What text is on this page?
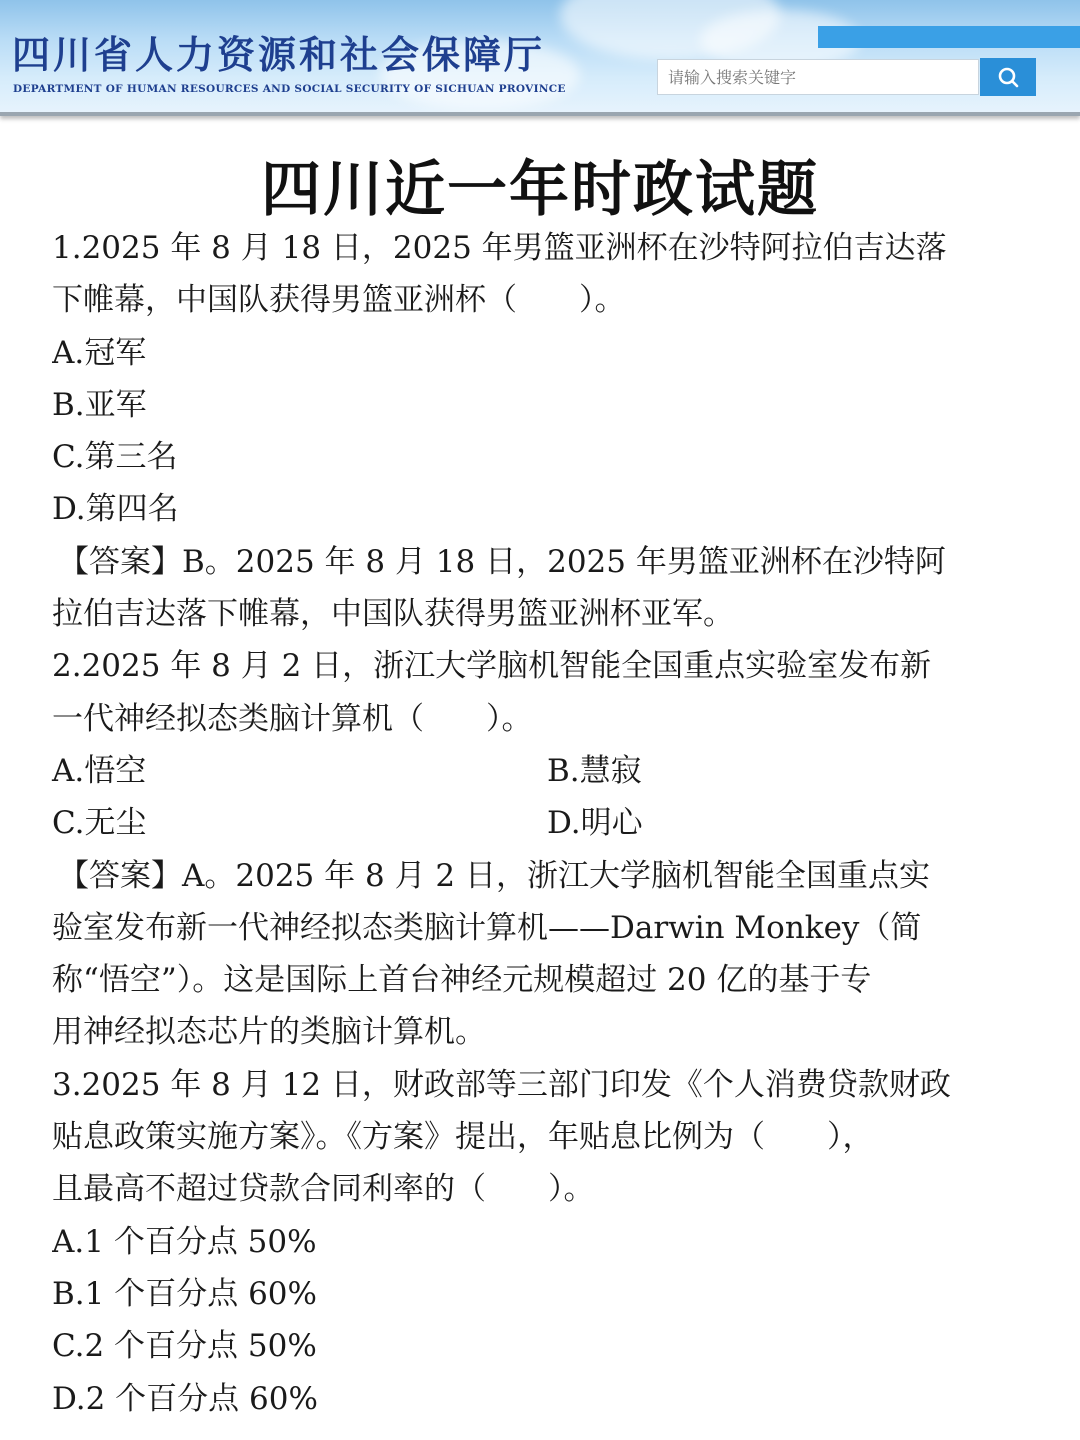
四川省人力资源和社会保障厅
DEPARTMENT OF HUMAN RESOURCES AND SOCIAL SECURITY OF SICHUAN PROVINCE
请输入搜索关键字
四川近一年时政试题
1.2025 年 8 月 18 日，2025 年男篮亚洲杯在沙特阿拉伯吉达落
下帷幕，中国队获得男篮亚洲杯（　　）。
A.冠军
B.亚军
C.第三名
D.第四名
【答案】B。2025 年 8 月 18 日，2025 年男篮亚洲杯在沙特阿
拉伯吉达落下帷幕，中国队获得男篮亚洲杯亚军。
2.2025 年 8 月 2 日，浙江大学脑机智能全国重点实验室发布新
一代神经拟态类脑计算机（　　）。
A.悟空	B.慧寂
C.无尘	D.明心
【答案】A。2025 年 8 月 2 日，浙江大学脑机智能全国重点实
验室发布新一代神经拟态类脑计算机——Darwin Monkey（简
称“悟空”）。这是国际上首台神经元规模超过 20 亿的基于专
用神经拟态芯片的类脑计算机。
3.2025 年 8 月 12 日，财政部等三部门印发《个人消费贷款财政
贴息政策实施方案》。《方案》提出，年贴息比例为（　　），
且最高不超过贷款合同利率的（　　）。
A.1 个百分点 50%
B.1 个百分点 60%
C.2 个百分点 50%
D.2 个百分点 60%
